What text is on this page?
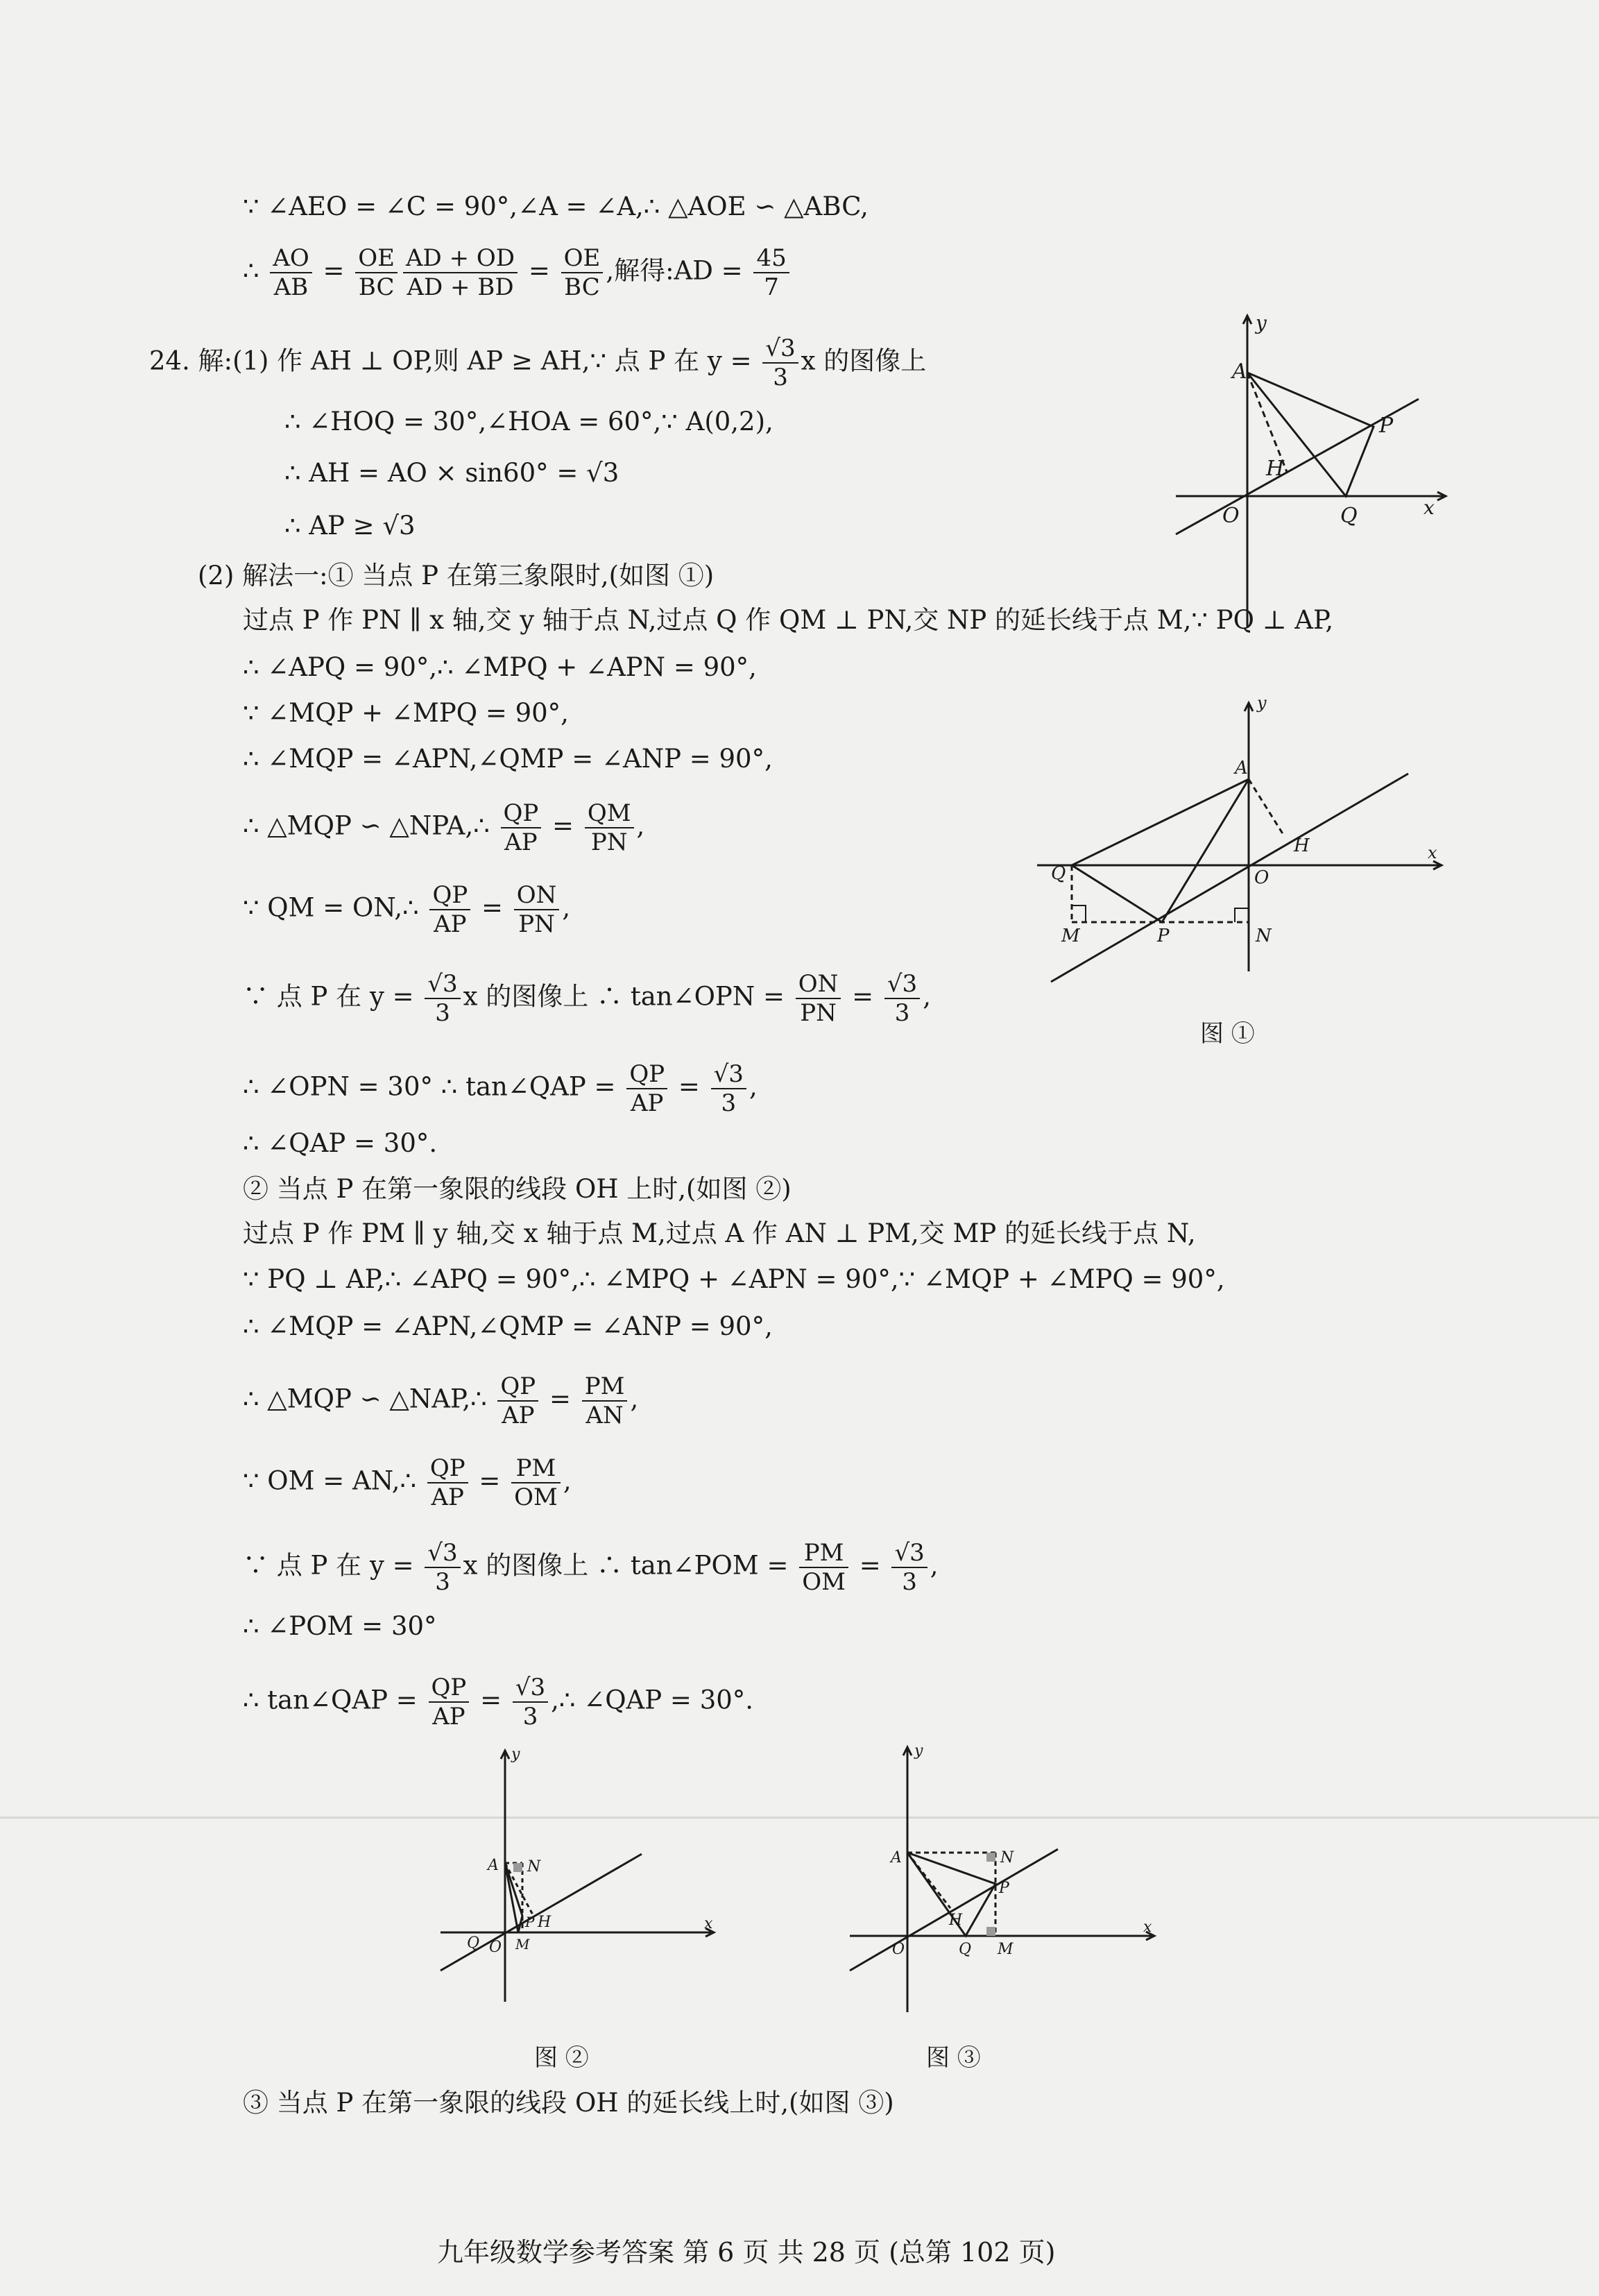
∵ ∠AEO = ∠C = 90°,∠A = ∠A,∴ △AOE ∽ △ABC,
∴ $\frac{AO}{AB} = \frac{OE}{BC} \frac{AD + OD}{AD + BD} = \frac{OE}{BC}$ ,解得:AD = $\frac{45}{7}$
24. 解:(1) 作 AH ⊥ OP,则 AP ≥ AH,∵ 点 P 在 $y = \frac{√3}{3}$ x 的图像上
∴ ∠HOQ = 30°,∠HOA = 60°,∵ A(0,2),
∴ AH = AO × sin60° = √3
∴ AP ≥ √3
(2) 解法一:① 当点 P 在第三象限时,(如图 ①)
过点 P 作 PN ∥ x 轴,交 y 轴于点 N,过点 Q 作 QM ⊥ PN,交 NP 的延长线于点 M,∵ PQ ⊥ AP,
∴ ∠APQ = 90°,∴ ∠MPQ + ∠APN = 90°,
∵ ∠MQP + ∠MPQ = 90°,
∴ ∠MQP = ∠APN,∠QMP = ∠ANP = 90°,
∴ △MQP ∽ △NPA,∴ $\frac{QP}{AP} = \frac{QM}{PN}$ ,
∵ QM = ON,∴ $\frac{QP}{AP} = \frac{ON}{PN}$ ,
∵ 点 P 在 $y = \frac{√3}{3}$ x 的图像上 ∴ tan∠OPN = $\frac{ON}{PN} = \frac{√3}{3}$ ,
∴ ∠OPN = 30° ∴ tan∠QAP = $\frac{QP}{AP} = \frac{√3}{3}$ ,
∴ ∠QAP = 30°.
② 当点 P 在第一象限的线段 OH 上时,(如图 ②)
过点 P 作 PM ∥ y 轴,交 x 轴于点 M,过点 A 作 AN ⊥ PM,交 MP 的延长线于点 N,
∵ PQ ⊥ AP,∴ ∠APQ = 90°,∴ ∠MPQ + ∠APN = 90°,∵ ∠MQP + ∠MPQ = 90°,
∴ ∠MQP = ∠APN,∠QMP = ∠ANP = 90°,
∴ △MQP ∽ △NAP,∴ $\frac{QP}{AP} = \frac{PM}{AN}$ ,
∵ OM = AN,∴ $\frac{QP}{AP} = \frac{PM}{OM}$ ,
∵ 点 P 在 $y = \frac{√3}{3}$ x 的图像上 ∴ tan∠POM = $\frac{PM}{OM} = \frac{√3}{3}$ ,
∴ ∠POM = 30°
∴ tan∠QAP = $\frac{QP}{AP} = \frac{√3}{3}$ ,∴ ∠QAP = 30°.
③ 当点 P 在第一象限的线段 OH 的延长线上时,(如图 ③)
A
P
Q
H
O	x
y
A
Q
M	P	N
O
H	x
y
图 ①
A N
P H
Q O M
x
y
图 ②
A	N
P
H
Q M
O
x
y
图 ③
九年级数学参考答案 第 6 页 共 28 页 (总第 102 页)
